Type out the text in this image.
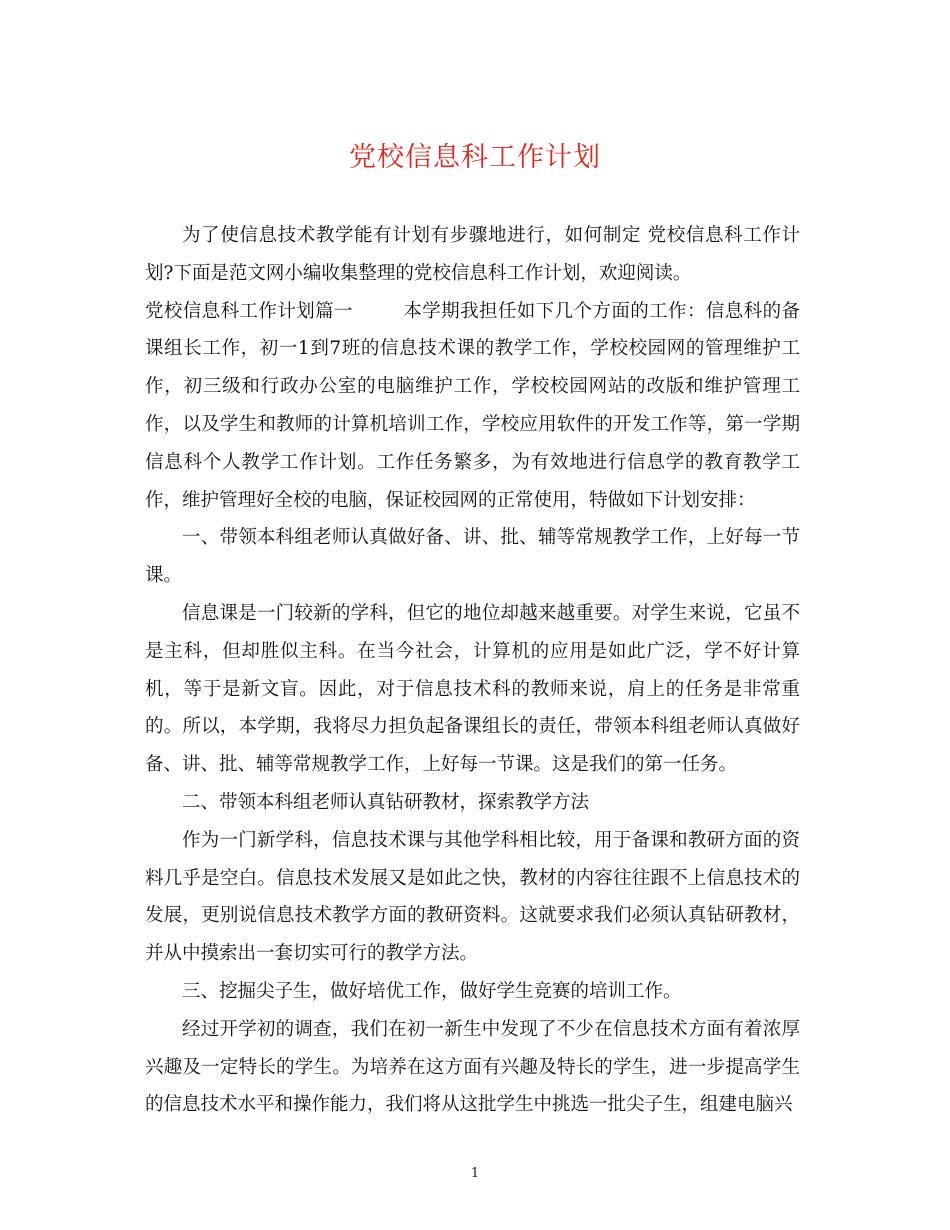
党校信息科工作计划

为了使信息技术教学能有计划有步骤地进行，如何制定 党校信息科工作计划?下面是范文网小编收集整理的党校信息科工作计划，欢迎阅读。

党校信息科工作计划篇一	本学期我担任如下几个方面的工作：信息科的备课组长工作，初一1到7班的信息技术课的教学工作，学校校园网的管理维护工作，初三级和行政办公室的电脑维护工作，学校校园网站的改版和维护管理工作，以及学生和教师的计算机培训工作，学校应用软件的开发工作等，第一学期信息科个人教学工作计划。工作任务繁多，为有效地进行信息学的教育教学工作，维护管理好全校的电脑，保证校园网的正常使用，特做如下计划安排：

一、带领本科组老师认真做好备、讲、批、辅等常规教学工作，上好每一节课。

信息课是一门较新的学科，但它的地位却越来越重要。对学生来说，它虽不是主科，但却胜似主科。在当今社会，计算机的应用是如此广泛，学不好计算机，等于是新文盲。因此，对于信息技术科的教师来说，肩上的任务是非常重的。所以，本学期，我将尽力担负起备课组长的责任，带领本科组老师认真做好备、讲、批、辅等常规教学工作，上好每一节课。这是我们的第一任务。

二、带领本科组老师认真钻研教材，探索教学方法

作为一门新学科，信息技术课与其他学科相比较，用于备课和教研方面的资料几乎是空白。信息技术发展又是如此之快，教材的内容往往跟不上信息技术的发展，更别说信息技术教学方面的教研资料。这就要求我们必须认真钻研教材，并从中摸索出一套切实可行的教学方法。

三、挖掘尖子生，做好培优工作，做好学生竞赛的培训工作。

经过开学初的调查，我们在初一新生中发现了不少在信息技术方面有着浓厚兴趣及一定特长的学生。为培养在这方面有兴趣及特长的学生，进一步提高学生的信息技术水平和操作能力，我们将从这批学生中挑选一批尖子生，组建电脑兴

1
